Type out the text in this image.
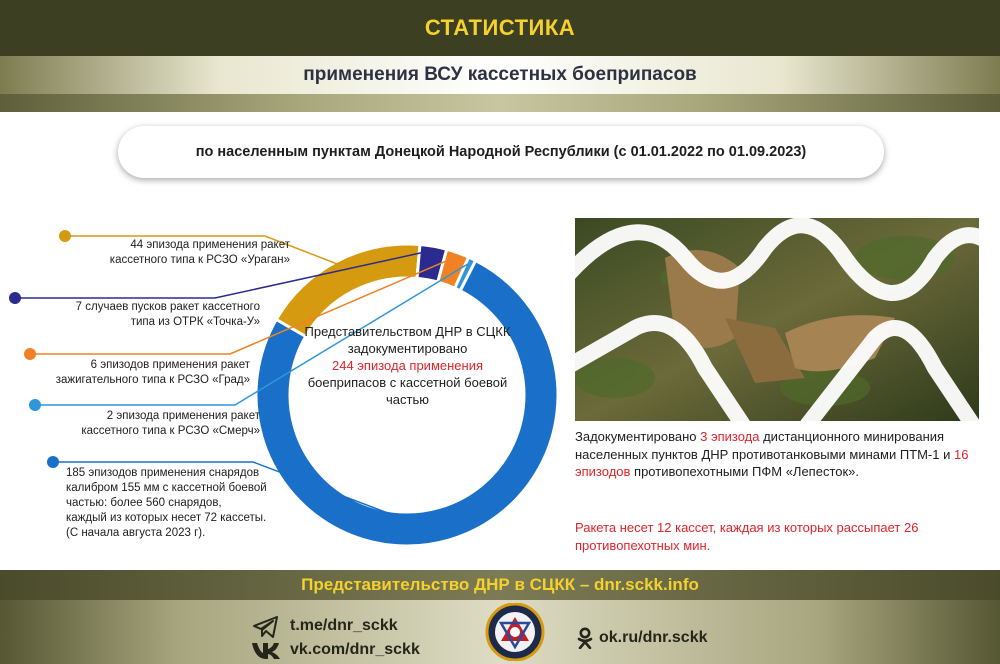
СТАТИСТИКА
применения ВСУ кассетных боеприпасов
по населенным пунктам Донецкой Народной Республики (с 01.01.2022 по 01.09.2023)
Представительством ДНР в СЦКК задокументировано
244 эпизода применения
боеприпасов с кассетной боевой частью
44 эпизода применения ракет
кассетного типа к РСЗО «Ураган»
7 случаев пусков ракет кассетного
типа из ОТРК «Точка-У»
6 эпизодов применения ракет
зажигательного типа к РСЗО «Град»
2 эпизода применения ракет
кассетного типа к РСЗО «Смерч»
185 эпизодов применения снарядов
калибром 155 мм с кассетной боевой
частью: более 560 снарядов,
каждый из которых несет 72 кассеты.
(С начала августа 2023 г).
Задокументировано 3 эпизода дистанционного минирования населенных пунктов ДНР противотанковыми минами ПТМ-1 и 16 эпизодов противопехотными ПФМ «Лепесток».
Ракета несет 12 кассет, каждая из которых рассыпает 26 противопехотных мин.
Представительство ДНР в СЦКК – dnr.sckk.info
t.me/dnr_sckk
vk.com/dnr_sckk
ok.ru/dnr.sckk
